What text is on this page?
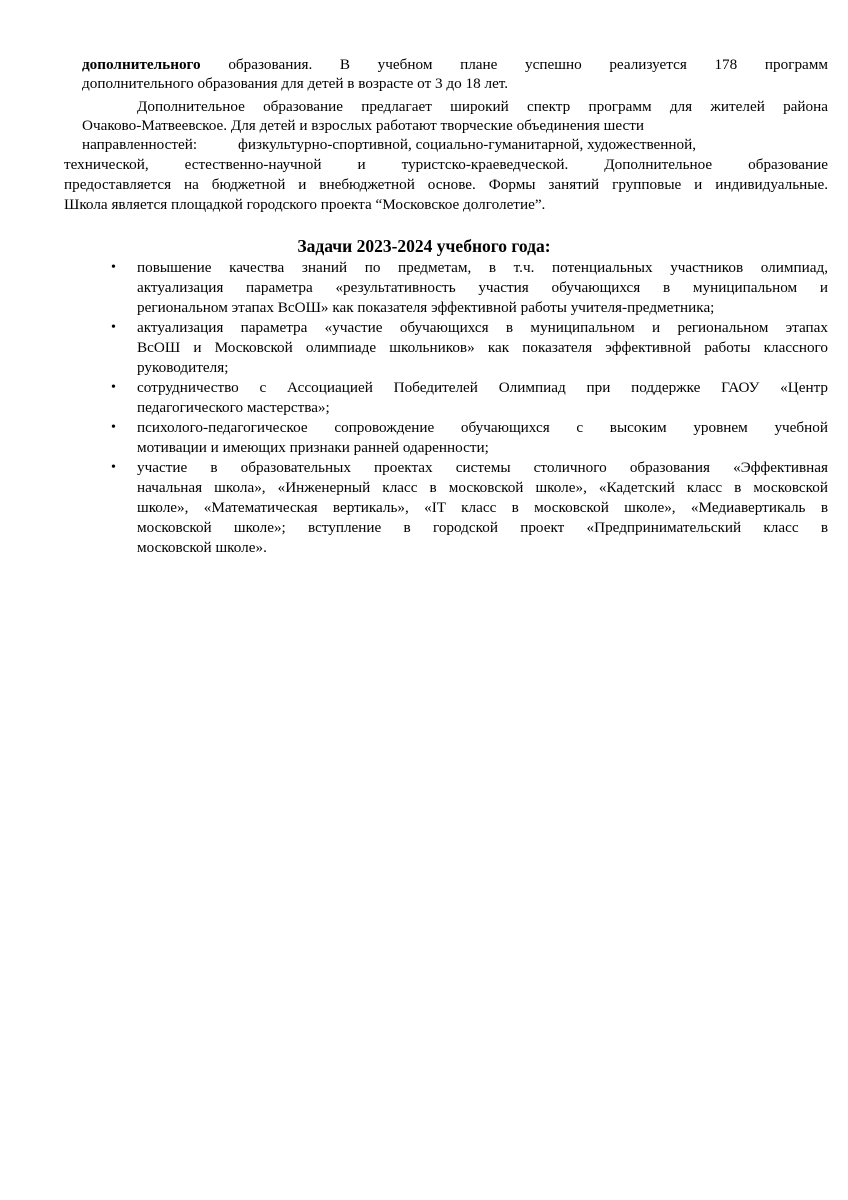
дополнительного образования. В учебном плане успешно реализуется 178 программ
дополнительного образования для детей в возрасте от 3 до 18 лет.
Дополнительное образование предлагает широкий спектр программ для жителей района
Очаково-Матвеевское. Для детей и взрослых работают творческие объединения шести
направленностей:	физкультурно-спортивной, социально-гуманитарной, художественной,
технической, естественно-научной и туристско-краеведческой. Дополнительное образование
предоставляется на бюджетной и внебюджетной основе. Формы занятий групповые и индивидуальные.
Школа является площадкой городского проекта “Московское долголетие”.
Задачи 2023-2024 учебного года:
• повышение качества знаний по предметам, в т.ч. потенциальных участников олимпиад,
актуализация параметра «результативность участия обучающихся в муниципальном и
региональном этапах ВсОШ» как показателя эффективной работы учителя-предметника;
• актуализация параметра «участие обучающихся в муниципальном и региональном этапах
ВсОШ и Московской олимпиаде школьников» как показателя эффективной работы классного
руководителя;
• сотрудничество с Ассоциацией Победителей Олимпиад при поддержке ГАОУ «Центр
педагогического мастерства»;
• психолого-педагогическое сопровождение обучающихся с высоким уровнем учебной
мотивации и имеющих признаки ранней одаренности;
• участие в образовательных проектах системы столичного образования «Эффективная
начальная школа», «Инженерный класс в московской школе», «Кадетский класс в московской
школе», «Математическая вертикаль», «IT класс в московской школе», «Медиавертикаль в
московской школе»; вступление в городской проект «Предпринимательский класс в
московской школе».
